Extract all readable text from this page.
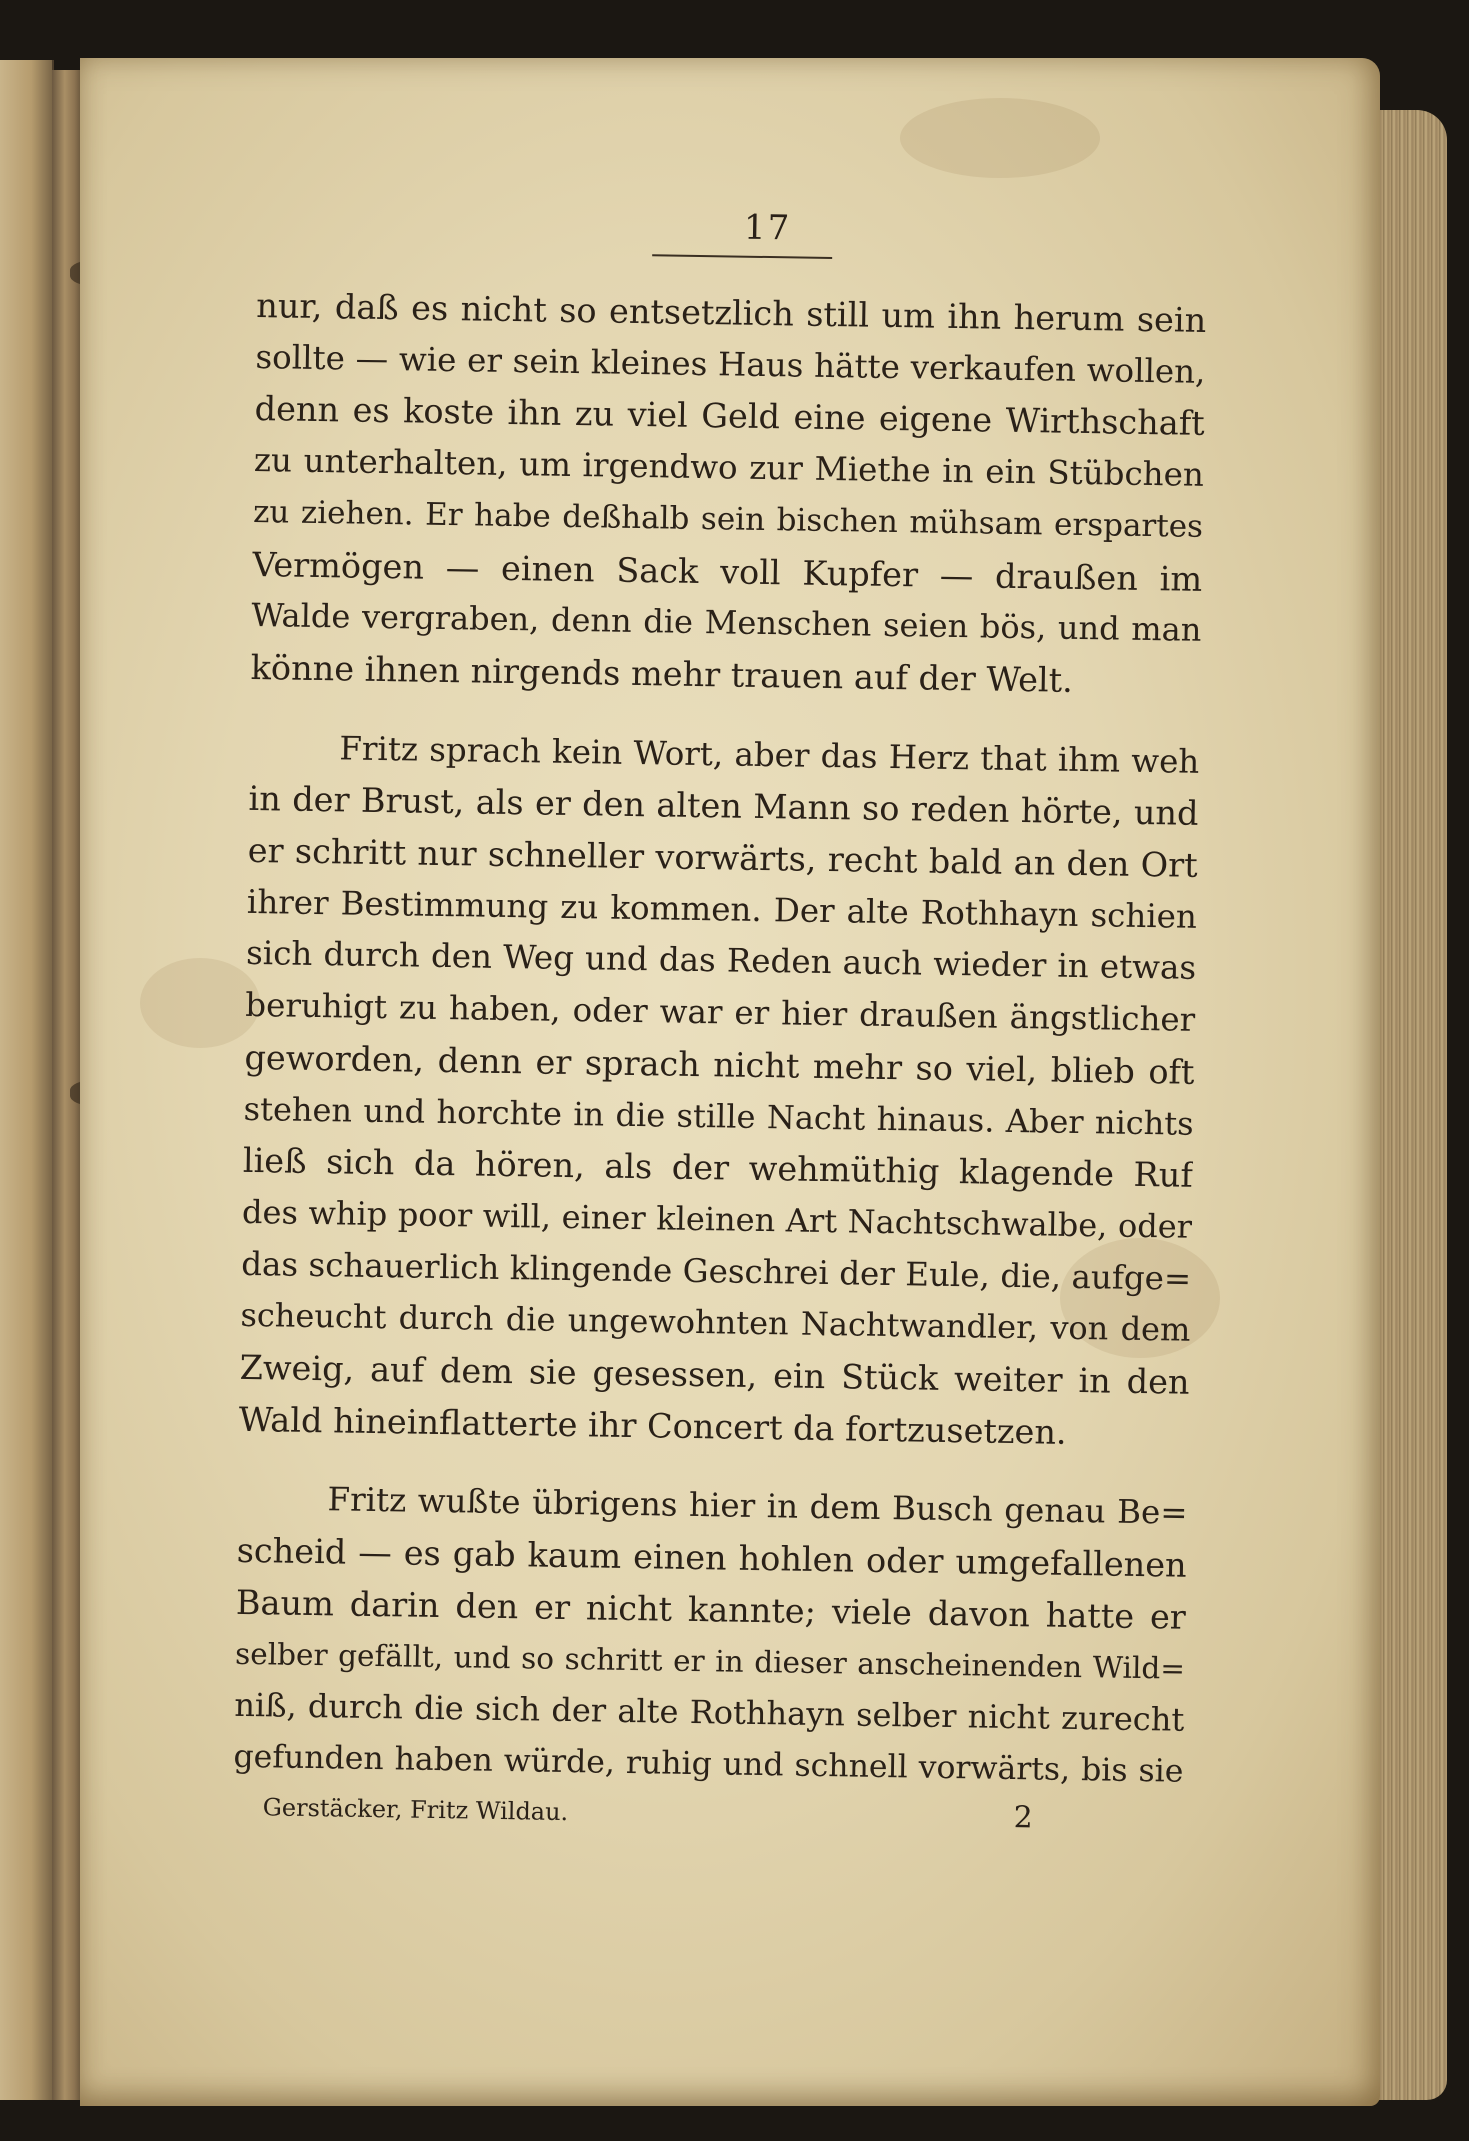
17
nur, daß es nicht so entsetzlich still um ihn herum sein
sollte — wie er sein kleines Haus hätte verkaufen wollen,
denn es koste ihn zu viel Geld eine eigene Wirthschaft
zu unterhalten, um irgendwo zur Miethe in ein Stübchen
zu ziehen. Er habe deßhalb sein bischen mühsam erspartes
Vermögen — einen Sack voll Kupfer — draußen im
Walde vergraben, denn die Menschen seien bös, und man
könne ihnen nirgends mehr trauen auf der Welt.
Fritz sprach kein Wort, aber das Herz that ihm weh
in der Brust, als er den alten Mann so reden hörte, und
er schritt nur schneller vorwärts, recht bald an den Ort
ihrer Bestimmung zu kommen. Der alte Rothhayn schien
sich durch den Weg und das Reden auch wieder in etwas
beruhigt zu haben, oder war er hier draußen ängstlicher
geworden, denn er sprach nicht mehr so viel, blieb oft
stehen und horchte in die stille Nacht hinaus. Aber nichts
ließ sich da hören, als der wehmüthig klagende Ruf
des whip poor will, einer kleinen Art Nachtschwalbe, oder
das schauerlich klingende Geschrei der Eule, die, aufge=
scheucht durch die ungewohnten Nachtwandler, von dem
Zweig, auf dem sie gesessen, ein Stück weiter in den
Wald hineinflatterte ihr Concert da fortzusetzen.
Fritz wußte übrigens hier in dem Busch genau Be=
scheid — es gab kaum einen hohlen oder umgefallenen
Baum darin den er nicht kannte; viele davon hatte er
selber gefällt, und so schritt er in dieser anscheinenden Wild=
niß, durch die sich der alte Rothhayn selber nicht zurecht
gefunden haben würde, ruhig und schnell vorwärts, bis sie
Gerstäcker, Fritz Wildau.	2
